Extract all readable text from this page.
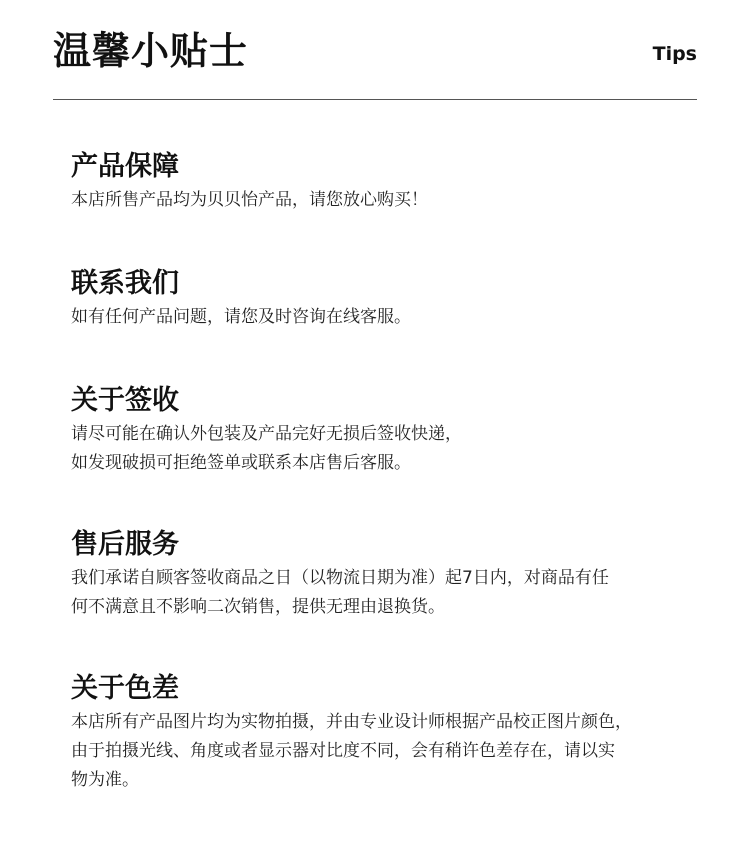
温馨小贴士	Tips
产品保障

本店所售产品均为贝贝怡产品，请您放心购买！

联系我们

如有任何产品问题，请您及时咨询在线客服。

关于签收

请尽可能在确认外包装及产品完好无损后签收快递，
如发现破损可拒绝签单或联系本店售后客服。

售后服务

我们承诺自顾客签收商品之日（以物流日期为准）起7日内，对商品有任
何不满意且不影响二次销售，提供无理由退换货。

关于色差

本店所有产品图片均为实物拍摄，并由专业设计师根据产品校正图片颜色，
由于拍摄光线、角度或者显示器对比度不同，会有稍许色差存在，请以实
物为准。
